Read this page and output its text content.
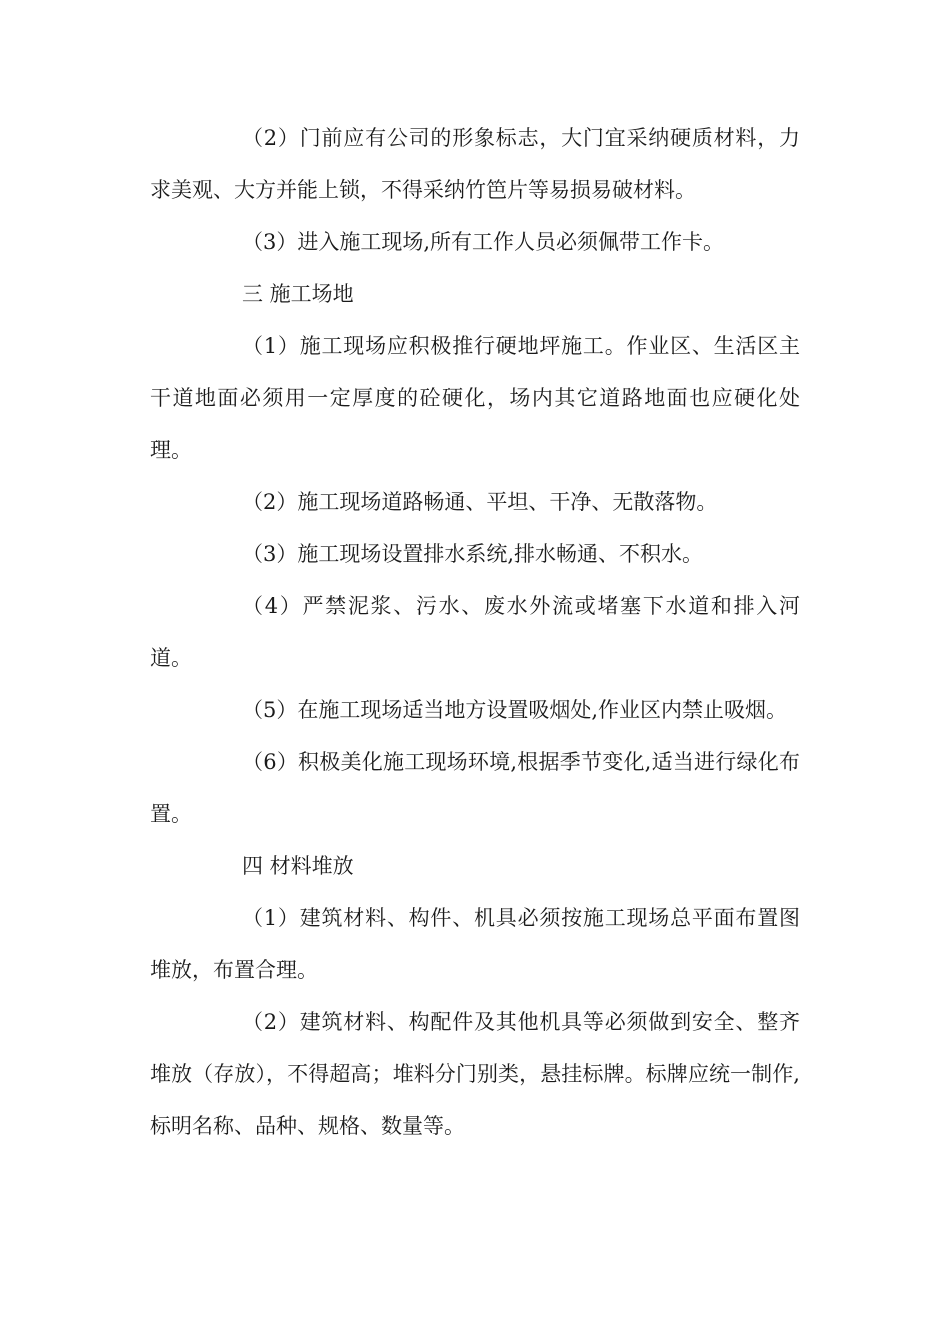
（2）门前应有公司的形象标志，大门宜采纳硬质材料，力求美观、大方并能上锁，不得采纳竹笆片等易损易破材料。

（3）进入施工现场,所有工作人员必须佩带工作卡。

三 施工场地

（1）施工现场应积极推行硬地坪施工。作业区、生活区主干道地面必须用一定厚度的砼硬化，场内其它道路地面也应硬化处理。

（2）施工现场道路畅通、平坦、干净、无散落物。

（3）施工现场设置排水系统,排水畅通、不积水。

（4）严禁泥浆、污水、废水外流或堵塞下水道和排入河道。

（5）在施工现场适当地方设置吸烟处,作业区内禁止吸烟。

（6）积极美化施工现场环境,根据季节变化,适当进行绿化布置。

四 材料堆放

（1）建筑材料、构件、机具必须按施工现场总平面布置图堆放，布置合理。

（2）建筑材料、构配件及其他机具等必须做到安全、整齐堆放（存放），不得超高；堆料分门别类，悬挂标牌。标牌应统一制作,标明名称、品种、规格、数量等。
